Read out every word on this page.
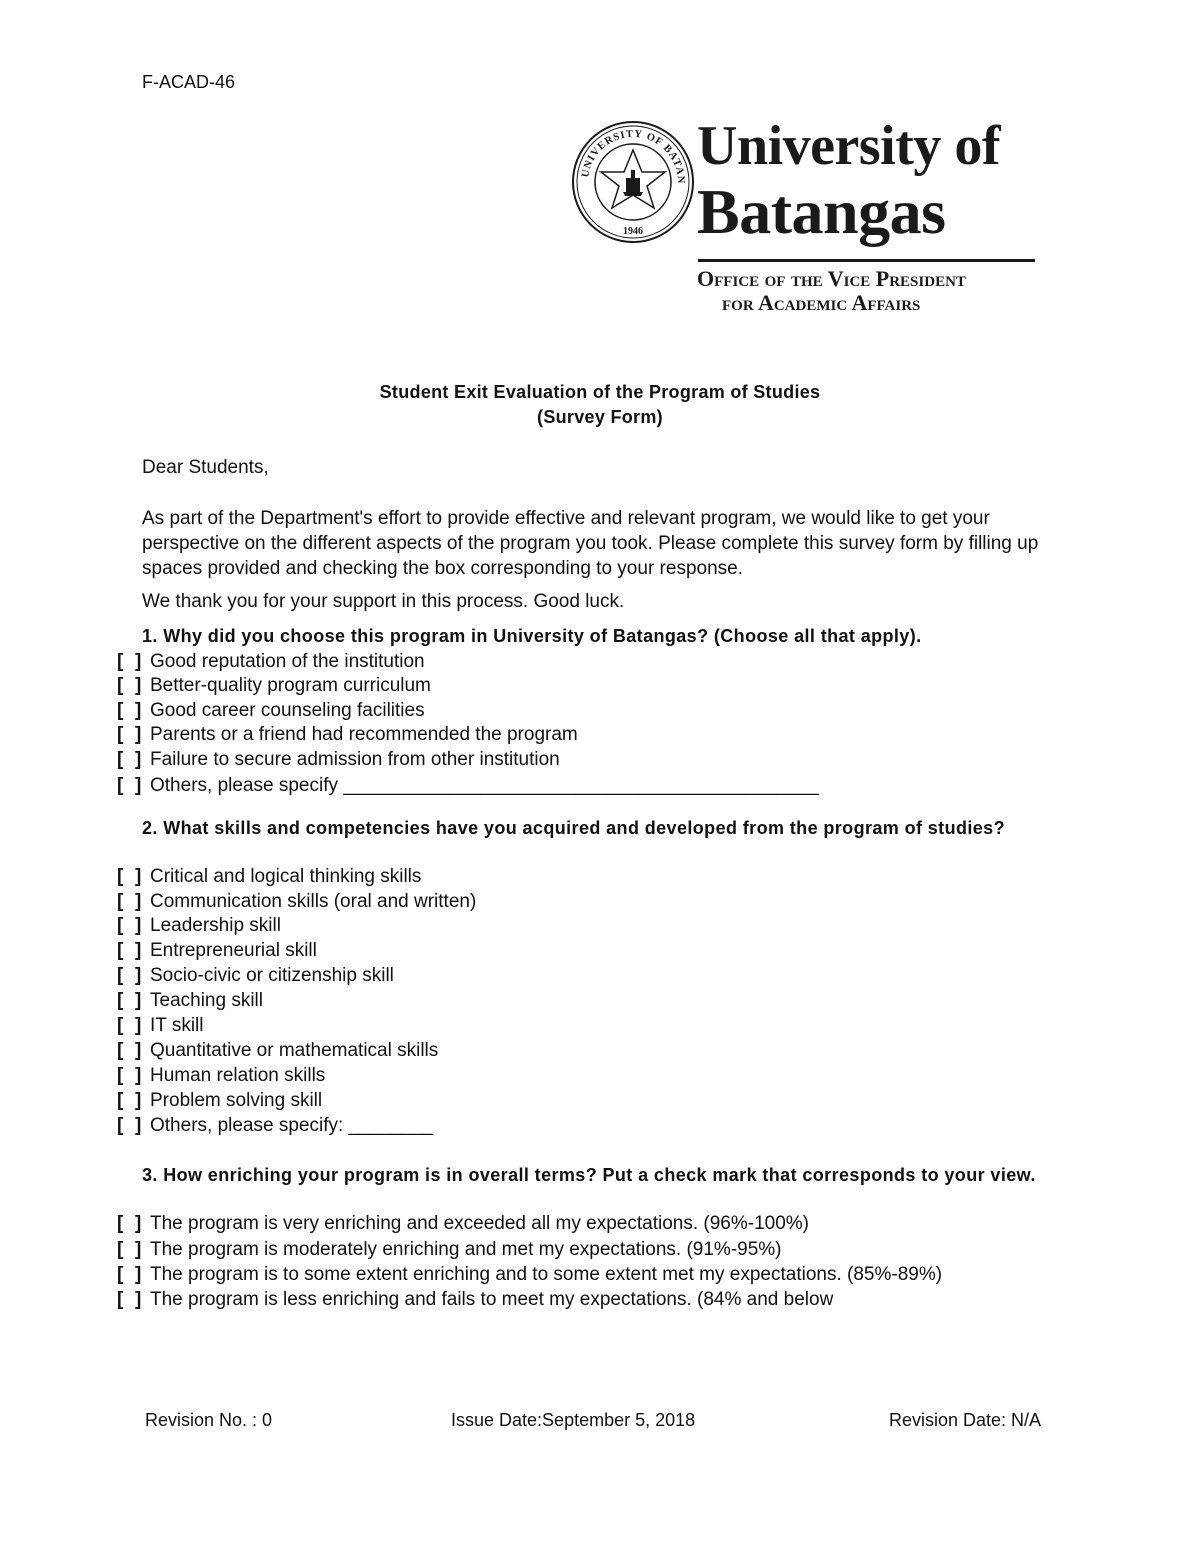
F-ACAD-46
UNIVERSITY OF BATAN
1946
University of
Batangas
Office of the Vice President
for Academic Affairs
Student Exit Evaluation of the Program of Studies
(Survey Form)
Dear Students,
As part of the Department's effort to provide effective and relevant program, we would like to get your perspective on the different aspects of the program you took. Please complete this survey form by filling up spaces provided and checking the box corresponding to your response.
We thank you for your support in this process. Good luck.
1. Why did you choose this program in University of Batangas? (Choose all that apply).
[ ] Good reputation of the institution
[ ] Better-quality program curriculum
[ ] Good career counseling facilities
[ ] Parents or a friend had recommended the program
[ ] Failure to secure admission from other institution
[ ] Others, please specify _____________________________________________
2. What skills and competencies have you acquired and developed from the program of studies?
[ ] Critical and logical thinking skills
[ ] Communication skills (oral and written)
[ ] Leadership skill
[ ] Entrepreneurial skill
[ ] Socio-civic or citizenship skill
[ ] Teaching skill
[ ] IT skill
[ ] Quantitative or mathematical skills
[ ] Human relation skills
[ ] Problem solving skill
[ ] Others, please specify: ________
3. How enriching your program is in overall terms? Put a check mark that corresponds to your view.
[ ] The program is very enriching and exceeded all my expectations. (96%-100%)
[ ] The program is moderately enriching and met my expectations. (91%-95%)
[ ] The program is to some extent enriching and to some extent met my expectations. (85%-89%)
[ ] The program is less enriching and fails to meet my expectations. (84% and below
Revision No. : 0	Issue Date:September 5, 2018	Revision Date: N/A
